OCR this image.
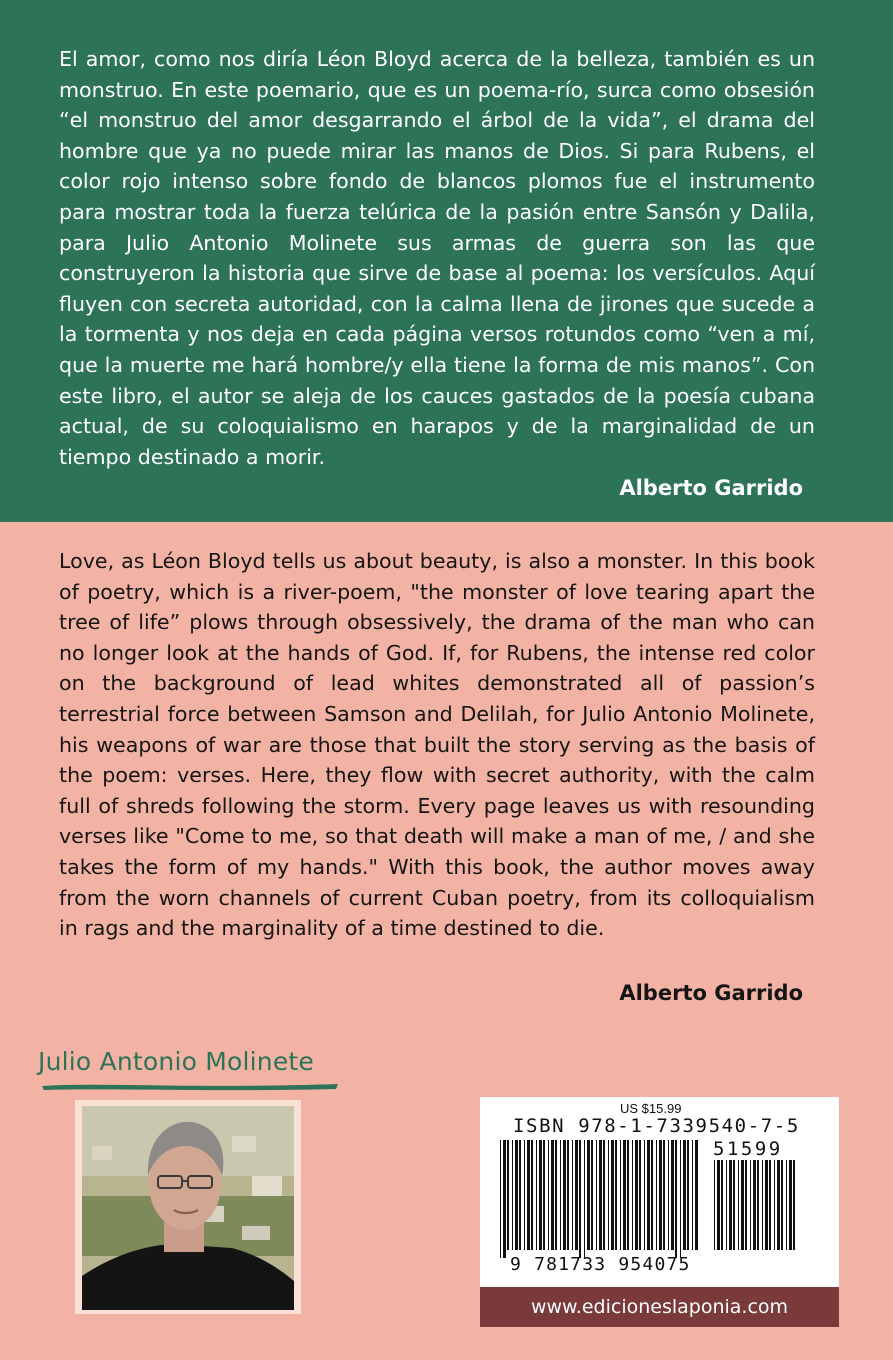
El amor, como nos diría Léon Bloyd acerca de la belleza, también es un monstruo. En este poemario, que es un poema-río, surca como obsesión “el monstruo del amor desgarrando el árbol de la vida”, el drama del hombre que ya no puede mirar las manos de Dios. Si para Rubens, el color rojo intenso sobre fondo de blancos plomos fue el instrumento para mostrar toda la fuerza telúrica de la pasión entre Sansón y Dalila, para Julio Antonio Molinete sus armas de guerra son las que construyeron la historia que sirve de base al poema: los versículos. Aquí fluyen con secreta autoridad, con la calma llena de jirones que sucede a la tormenta y nos deja en cada página versos rotundos como “ven a mí, que la muerte me hará hombre/y ella tiene la forma de mis manos”. Con este libro, el autor se aleja de los cauces gastados de la poesía cubana actual, de su coloquialismo en harapos y de la marginalidad de un tiempo destinado a morir.

Alberto Garrido

Love, as Léon Bloyd tells us about beauty, is also a monster. In this book of poetry, which is a river-poem, "the monster of love tearing apart the tree of life” plows through obsessively, the drama of the man who can no longer look at the hands of God. If, for Rubens, the intense red color on the background of lead whites demonstrated all of passion’s terrestrial force between Samson and Delilah, for Julio Antonio Molinete, his weapons of war are those that built the story serving as the basis of the poem: verses. Here, they flow with secret authority, with the calm full of shreds following the storm. Every page leaves us with resounding verses like "Come to me, so that death will make a man of me, / and she takes the form of my hands." With this book, the author moves away from the worn channels of current Cuban poetry, from its colloquialism in rags and the marginality of a time destined to die.

Alberto Garrido

Julio Antonio Molinete

US $15.99

ISBN 978-1-7339540-7-5

51599

9 781733 954075

www.edicioneslaponia.com
